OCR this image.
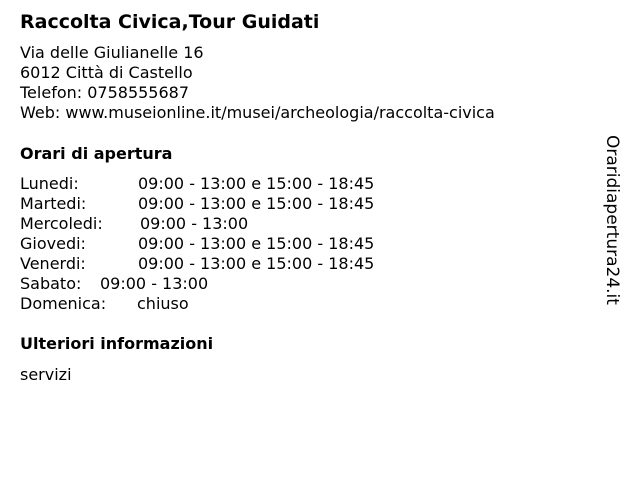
Raccolta Civica,Tour Guidati
Via delle Giulianelle 16
6012 Città di Castello
Telefon: 0758555687
Web: www.museionline.it/musei/archeologia/raccolta-civica
Orari di apertura
Lunedi:	09:00 - 13:00 e 15:00 - 18:45
Martedi:	09:00 - 13:00 e 15:00 - 18:45
Mercoledi: 09:00 - 13:00
Giovedi:	09:00 - 13:00 e 15:00 - 18:45
Venerdi:	09:00 - 13:00 e 15:00 - 18:45
Sabato: 09:00 - 13:00
Domenica: chiuso
Ulteriori informazioni
servizi
Oraridiapertura24.it
